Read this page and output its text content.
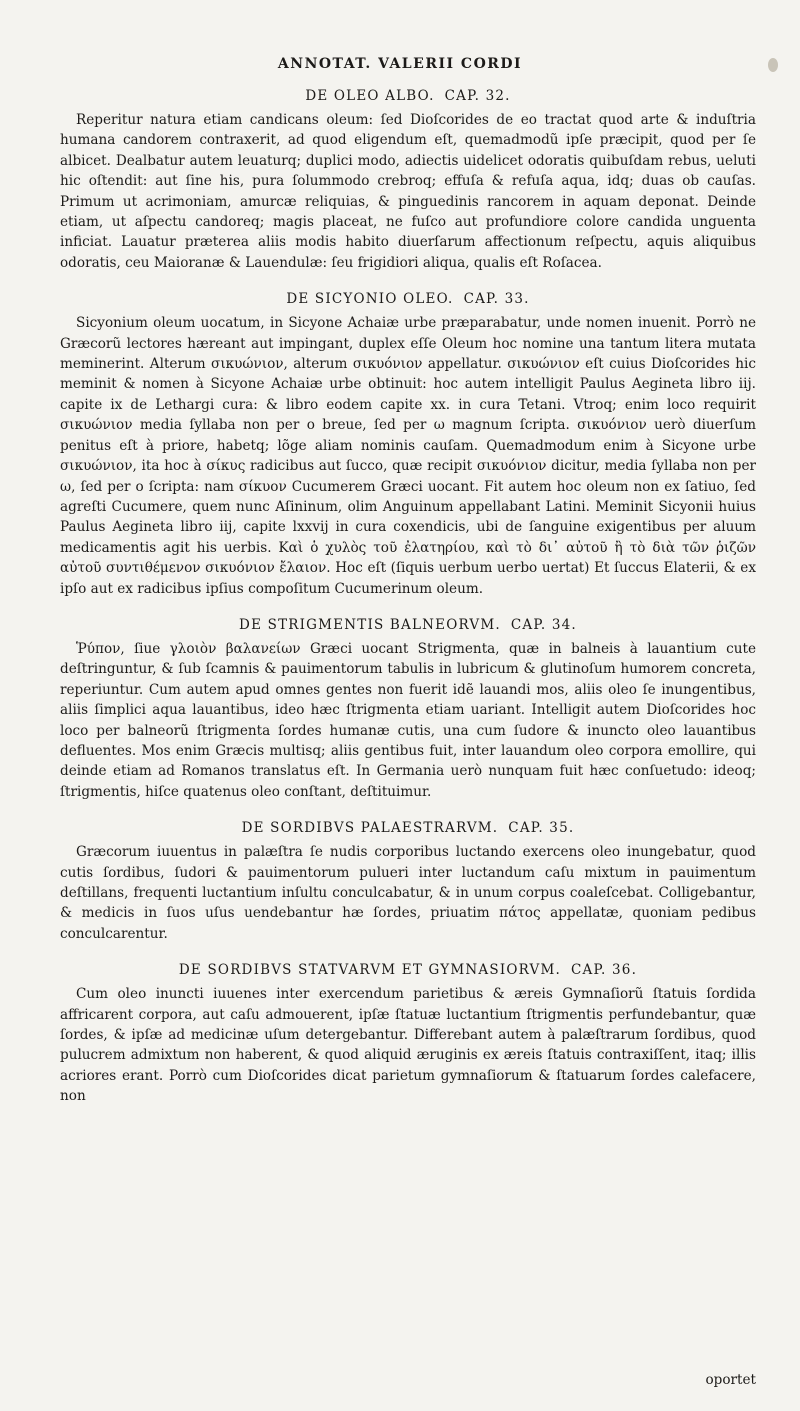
ANNOTAT. VALERII CORDI
DE OLEO ALBO. CAP. 32.

Reperitur natura etiam candicans oleum: ſed Dioſcorides de eo tractat quod arte & induſtria humana candorem contraxerit, ad quod eligendum eſt, quemadmodũ ipſe præcipit, quod per ſe albicet. Dealbatur autem leuaturq; duplici modo, adiectis uidelicet odoratis quibuſdam rebus, ueluti hic oſtendit: aut ſine his, pura ſolummodo crebroq; effuſa & refuſa aqua, idq; duas ob cauſas. Primum ut acrimoniam, amurcæ reliquias, & pinguedinis rancorem in aquam deponat. Deinde etiam, ut aſpectu candoreq; magis placeat, ne fuſco aut profundiore colore candida unguenta inficiat. Lauatur præterea aliis modis habito diuerſarum affectionum reſpectu, aquis aliquibus odoratis, ceu Maioranæ & Lauendulæ: ſeu frigidiori aliqua, qualis eſt Roſacea.

DE SICYONIO OLEO. CAP. 33.

Sicyonium oleum uocatum, in Sicyone Achaiæ urbe præparabatur, unde nomen inuenit. Porrò ne Græcorũ lectores hæreant aut impingant, duplex eſſe Oleum hoc nomine una tantum litera mutata meminerint. Alterum σικυώνιον, alterum σικυόνιον appellatur. σικυώνιον eſt cuius Dioſcorides hic meminit & nomen à Sicyone Achaiæ urbe obtinuit: hoc autem intelligit Paulus Aegineta libro iij. capite ix de Lethargi cura: & libro eodem capite xx. in cura Tetani. Vtroq; enim loco requirit σικυώνιον media ſyllaba non per ο breue, ſed per ω magnum ſcripta. σικυόνιον uerò diuerſum penitus eſt à priore, habetq; lõge aliam nominis cauſam. Quemadmodum enim à Sicyone urbe σικυώνιον, ita hoc à σίκυς radicibus aut ſucco, quæ recipit σικυόνιον dicitur, media ſyllaba non per ω, ſed per ο ſcripta: nam σίκυον Cucumerem Græci uocant. Fit autem hoc oleum non ex ſatiuo, ſed agreſti Cucumere, quem nunc Aſininum, olim Anguinum appellabant Latini. Meminit Sicyonii huius Paulus Aegineta libro iij, capite lxxvij in cura coxendicis, ubi de ſanguine exigentibus per aluum medicamentis agit his uerbis. Καὶ ὁ χυλὸς τοῦ ἐλατηρίου, καὶ τὸ δι᾽ αὐτοῦ ἢ τὸ διὰ τῶν ῥιζῶν αὐτοῦ συντιθέμενον σικυόνιον ἔλαιον. Hoc eſt (ſiquis uerbum uerbo uertat) Et ſuccus Elaterii, & ex ipſo aut ex radicibus ipſius compoſitum Cucumerinum oleum.

DE STRIGMENTIS BALNEORVM. CAP. 34.

Ῥύπον, ſiue γλοιὸν βαλανείων Græci uocant Strigmenta, quæ in balneis à lauantium cute deſtringuntur, & ſub ſcamnis & pauimentorum tabulis in lubricum & glutinoſum humorem concreta, reperiuntur. Cum autem apud omnes gentes non fuerit idẽ lauandi mos, aliis oleo ſe inungentibus, aliis ſimplici aqua lauantibus, ideo hæc ſtrigmenta etiam uariant. Intelligit autem Dioſcorides hoc loco per balneorũ ſtrigmenta ſordes humanæ cutis, una cum ſudore & inuncto oleo lauantibus defluentes. Mos enim Græcis multisq; aliis gentibus fuit, inter lauandum oleo corpora emollire, qui deinde etiam ad Romanos translatus eſt. In Germania uerò nunquam fuit hæc conſuetudo: ideoq; ſtrigmentis, hiſce quatenus oleo conſtant, deſtituimur.

DE SORDIBVS PALAESTRARVM. CAP. 35.

Græcorum iuuentus in palæſtra ſe nudis corporibus luctando exercens oleo inungebatur, quod cutis ſordibus, ſudori & pauimentorum pulueri inter luctandum caſu mixtum in pauimentum deſtillans, frequenti luctantium inſultu conculcabatur, & in unum corpus coaleſcebat. Colligebantur, & medicis in ſuos uſus uendebantur hæ ſordes, priuatim πάτος appellatæ, quoniam pedibus conculcarentur.

DE SORDIBVS STATVARVM ET GYMNASIORVM. CAP. 36.

Cum oleo inuncti iuuenes inter exercendum parietibus & æreis Gymnaſiorũ ſtatuis ſordida affricarent corpora, aut caſu admouerent, ipſæ ſtatuæ luctantium ſtrigmentis perfundebantur, quæ ſordes, & ipſæ ad medicinæ uſum detergebantur. Differebant autem à palæſtrarum ſordibus, quod pulucrem admixtum non haberent, & quod aliquid æruginis ex æreis ſtatuis contraxiſſent, itaq; illis acriores erant. Porrò cum Dioſcorides dicat parietum gymnaſiorum & ſtatuarum ſordes calefacere, non

oportet
